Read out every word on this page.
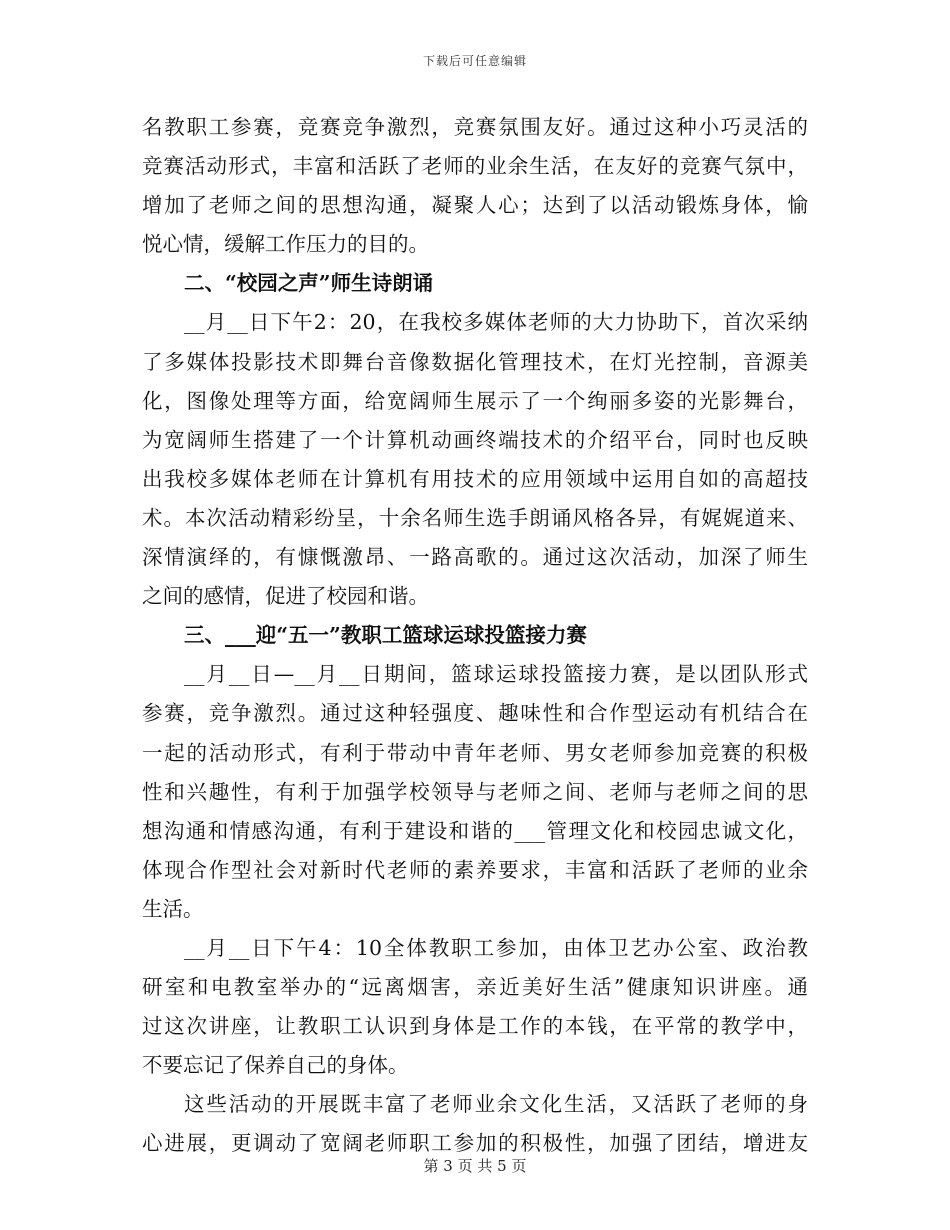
下载后可任意编辑
名教职工参赛，竞赛竞争激烈，竞赛氛围友好。通过这种小巧灵活的
竞赛活动形式，丰富和活跃了老师的业余生活，在友好的竞赛气氛中，
增加了老师之间的思想沟通，凝聚人心；达到了以活动锻炼身体，愉
悦心情，缓解工作压力的目的。
二、“校园之声”师生诗朗诵
__月__日下午2：20，在我校多媒体老师的大力协助下，首次采纳
了多媒体投影技术即舞台音像数据化管理技术，在灯光控制，音源美
化，图像处理等方面，给宽阔师生展示了一个绚丽多姿的光影舞台，
为宽阔师生搭建了一个计算机动画终端技术的介绍平台，同时也反映
出我校多媒体老师在计算机有用技术的应用领域中运用自如的高超技
术。本次活动精彩纷呈，十余名师生选手朗诵风格各异，有娓娓道来、
深情演绎的，有慷慨激昂、一路高歌的。通过这次活动，加深了师生
之间的感情，促进了校园和谐。
三、___迎“五一”教职工篮球运球投篮接力赛
__月__日—__月__日期间，篮球运球投篮接力赛，是以团队形式
参赛，竞争激烈。通过这种轻强度、趣味性和合作型运动有机结合在
一起的活动形式，有利于带动中青年老师、男女老师参加竞赛的积极
性和兴趣性，有利于加强学校领导与老师之间、老师与老师之间的思
想沟通和情感沟通，有利于建设和谐的___管理文化和校园忠诚文化，
体现合作型社会对新时代老师的素养要求，丰富和活跃了老师的业余
生活。
__月__日下午4：10全体教职工参加，由体卫艺办公室、政治教
研室和电教室举办的“远离烟害，亲近美好生活”健康知识讲座。通
过这次讲座，让教职工认识到身体是工作的本钱，在平常的教学中，
不要忘记了保养自己的身体。
这些活动的开展既丰富了老师业余文化生活，又活跃了老师的身
心进展，更调动了宽阔老师职工参加的积极性，加强了团结，增进友
第 3 页 共 5 页
